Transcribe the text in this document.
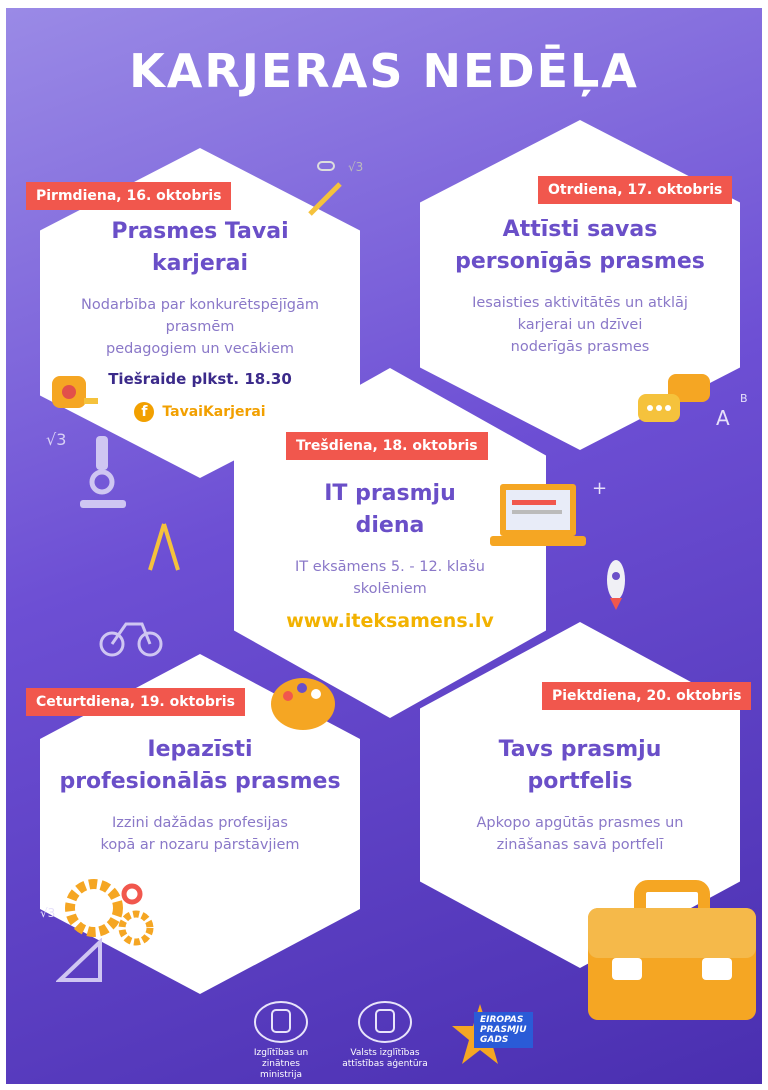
KARJERAS NEDĒĻA
Prasmes Tavai
karjerai
Nodarbība par konkurētspējīgām
prasmēm
pedagogiem un vecākiem
Tiešraide plkst. 18.30
f	TavaiKarjerai
Pirmdiena, 16. oktobris
Attīsti savas
personīgās prasmes
Iesaisties aktivitātēs un atklāj
karjerai un dzīvei
noderīgās prasmes
Otrdiena, 17. oktobris
IT prasmju
diena
IT eksāmens 5. - 12. klašu
skolēniem
www.iteksamens.lv
Trešdiena, 18. oktobris
Iepazīsti
profesionālās prasmes
Izzini dažādas profesijas
kopā ar nozaru pārstāvjiem
Ceturtdiena, 19. oktobris
Tavs prasmju
portfelis
Apkopo apgūtās prasmes un
zināšanas savā portfelī
Piektdiena, 20. oktobris
√3
√3
A
B
+
√3
Izglītības un zinātnes
ministrija
Valsts izglītības
attīstības aģentūra
EIROPAS
PRASMJU
GADS
